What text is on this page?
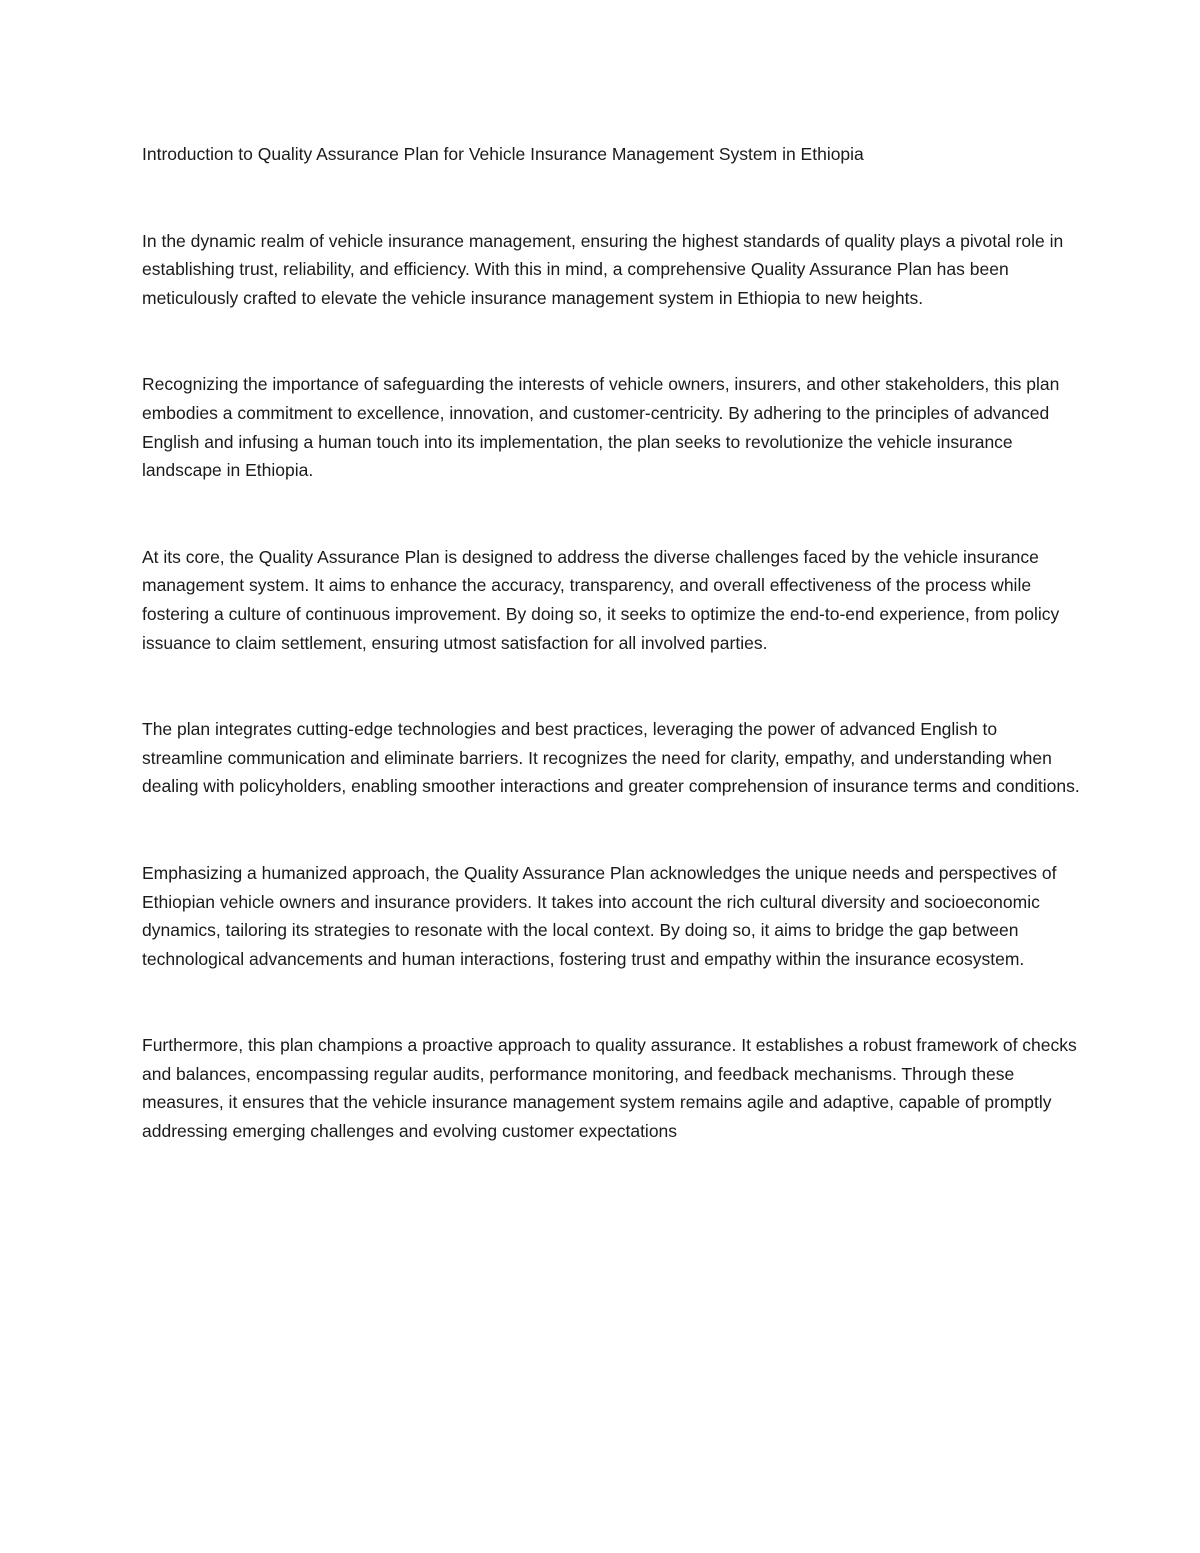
Introduction to Quality Assurance Plan for Vehicle Insurance Management System in Ethiopia

In the dynamic realm of vehicle insurance management, ensuring the highest standards of quality plays a pivotal role in establishing trust, reliability, and efficiency. With this in mind, a comprehensive Quality Assurance Plan has been meticulously crafted to elevate the vehicle insurance management system in Ethiopia to new heights.

Recognizing the importance of safeguarding the interests of vehicle owners, insurers, and other stakeholders, this plan embodies a commitment to excellence, innovation, and customer-centricity. By adhering to the principles of advanced English and infusing a human touch into its implementation, the plan seeks to revolutionize the vehicle insurance landscape in Ethiopia.

At its core, the Quality Assurance Plan is designed to address the diverse challenges faced by the vehicle insurance management system. It aims to enhance the accuracy, transparency, and overall effectiveness of the process while fostering a culture of continuous improvement. By doing so, it seeks to optimize the end-to-end experience, from policy issuance to claim settlement, ensuring utmost satisfaction for all involved parties.

The plan integrates cutting-edge technologies and best practices, leveraging the power of advanced English to streamline communication and eliminate barriers. It recognizes the need for clarity, empathy, and understanding when dealing with policyholders, enabling smoother interactions and greater comprehension of insurance terms and conditions.

Emphasizing a humanized approach, the Quality Assurance Plan acknowledges the unique needs and perspectives of Ethiopian vehicle owners and insurance providers. It takes into account the rich cultural diversity and socioeconomic dynamics, tailoring its strategies to resonate with the local context. By doing so, it aims to bridge the gap between technological advancements and human interactions, fostering trust and empathy within the insurance ecosystem.

Furthermore, this plan champions a proactive approach to quality assurance. It establishes a robust framework of checks and balances, encompassing regular audits, performance monitoring, and feedback mechanisms. Through these measures, it ensures that the vehicle insurance management system remains agile and adaptive, capable of promptly addressing emerging challenges and evolving customer expectations
